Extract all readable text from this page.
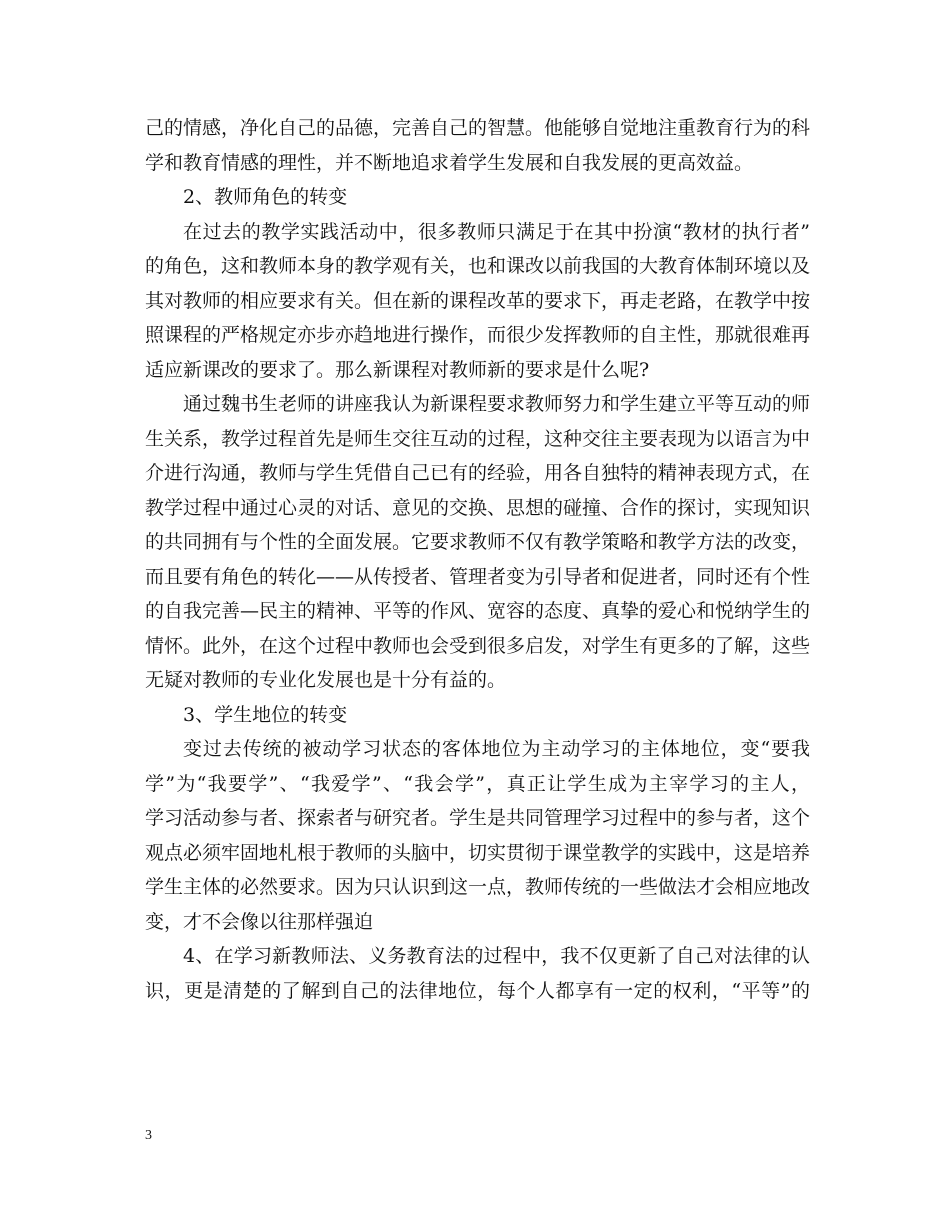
己的情感，净化自己的品德，完善自己的智慧。他能够自觉地注重教育行为的科
学和教育情感的理性，并不断地追求着学生发展和自我发展的更高效益。
2、教师角色的转变
在过去的教学实践活动中，很多教师只满足于在其中扮演“教材的执行者”
的角色，这和教师本身的教学观有关，也和课改以前我国的大教育体制环境以及
其对教师的相应要求有关。但在新的课程改革的要求下，再走老路，在教学中按
照课程的严格规定亦步亦趋地进行操作，而很少发挥教师的自主性，那就很难再
适应新课改的要求了。那么新课程对教师新的要求是什么呢?
通过魏书生老师的讲座我认为新课程要求教师努力和学生建立平等互动的师
生关系，教学过程首先是师生交往互动的过程，这种交往主要表现为以语言为中
介进行沟通，教师与学生凭借自己已有的经验，用各自独特的精神表现方式，在
教学过程中通过心灵的对话、意见的交换、思想的碰撞、合作的探讨，实现知识
的共同拥有与个性的全面发展。它要求教师不仅有教学策略和教学方法的改变，
而且要有角色的转化——从传授者、管理者变为引导者和促进者，同时还有个性
的自我完善—民主的精神、平等的作风、宽容的态度、真挚的爱心和悦纳学生的
情怀。此外，在这个过程中教师也会受到很多启发，对学生有更多的了解，这些
无疑对教师的专业化发展也是十分有益的。
3、学生地位的转变
变过去传统的被动学习状态的客体地位为主动学习的主体地位，变“要我
学”为“我要学”、“我爱学”、“我会学”，真正让学生成为主宰学习的主人，
学习活动参与者、探索者与研究者。学生是共同管理学习过程中的参与者，这个
观点必须牢固地札根于教师的头脑中，切实贯彻于课堂教学的实践中，这是培养
学生主体的必然要求。因为只认识到这一点，教师传统的一些做法才会相应地改
变，才不会像以往那样强迫
4、在学习新教师法、义务教育法的过程中，我不仅更新了自己对法律的认
识，更是清楚的了解到自己的法律地位，每个人都享有一定的权利，“平等”的
3
